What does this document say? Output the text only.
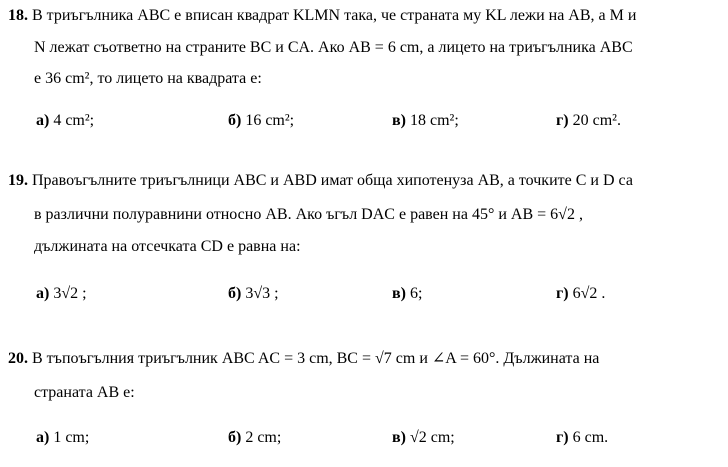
18. В триъгълника ABC е вписан квадрат KLMN така, че страната му KL лежи на AB, а M и
N лежат съответно на страните BC и CA. Ако AB = 6 cm, а лицето на триъгълника ABC
е 36 cm², то лицето на квадрата е:
а) 4 cm²;	б) 16 cm²;	в) 18 cm²;	г) 20 cm².
19. Правоъгълните триъгълници ABC и ABD имат обща хипотенуза AB, а точките C и D са
в различни полуравнини относно AB. Ако ъгъл DAC е равен на 45° и AB = 6√2 ,
дължината на отсечката CD е равна на:
а) 3√2 ;	б) 3√3 ;	в) 6;	г) 6√2 .
20. В тъпоъгълния триъгълник ABC AC = 3 cm, BC = √7 cm и ∠A = 60°. Дължината на
страната AB е:
а) 1 cm;	б) 2 cm;	в) √2 cm;	г) 6 cm.
